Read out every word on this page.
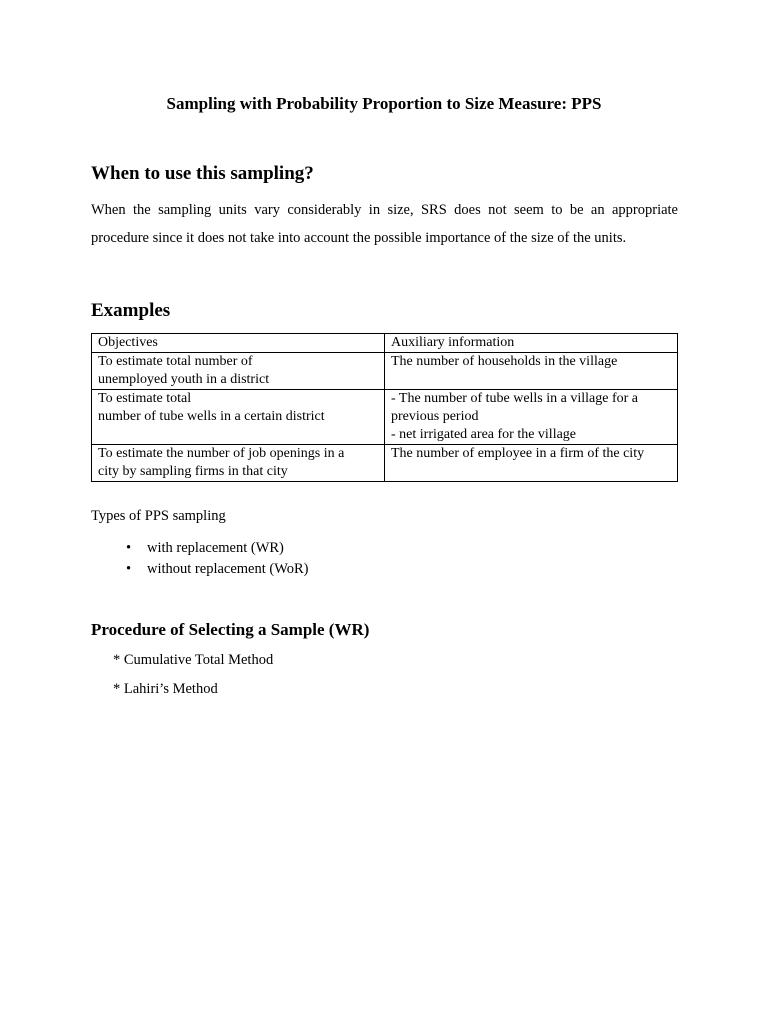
Sampling with Probability Proportion to Size Measure: PPS
When to use this sampling?

When the sampling units vary considerably in size, SRS does not seem to be an appropriate procedure since it does not take into account the possible importance of the size of the units.

Examples
Objectives	Auxiliary information

To estimate total number of
unemployed youth in a district	The number of households in the village

To estimate total
number of tube wells in a certain district	- The number of tube wells in a village for a
previous period
- net irrigated area for the village

To estimate the number of job openings in a
city by sampling firms in that city	The number of employee in a firm of the city

Types of PPS sampling

• with replacement (WR)
• without replacement (WoR)
Procedure of Selecting a Sample (WR)

* Cumulative Total Method

* Lahiri’s Method
